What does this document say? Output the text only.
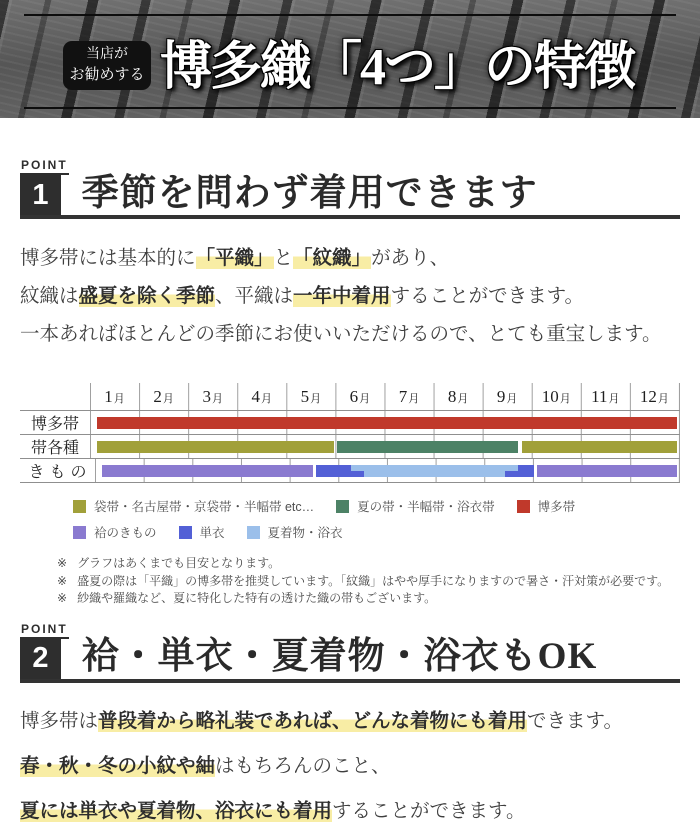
当店が
お勧めする 博多織「4つ」の特徴
POINT
1 季節を問わず着用できます

博多帯には基本的に「平織」と「紋織」があり、

紋織は盛夏を除く季節、平織は一年中着用することができます。

一本あればほとんどの季節にお使いいただけるので、とても重宝します。

1 月 2 月 3 月 4 月 5 月 6 月 7 月 8 月 9 月 10 月 11 月 12 月
博多帯
帯各種
きもの
袋帯・名古屋帯・京袋帯・半幅帯 etc…	夏の帯・半幅帯・浴衣帯	博多帯
袷のきもの	単衣	夏着物・浴衣

※ グラフはあくまでも目安となります。

※ 盛夏の際は「平織」の博多帯を推奨しています。「紋織」はやや厚手になりますので暑さ・汗対策が必要です。

※ 紗織や羅織など、夏に特化した特有の透けた織の帯もございます。

POINT
2 袷・単衣・夏着物・浴衣もOK

博多帯は普段着から略礼装であれば、どんな着物にも着用できます。

春・秋・冬の小紋や紬はもちろんのこと、

夏には単衣や夏着物、浴衣にも着用することができます。
